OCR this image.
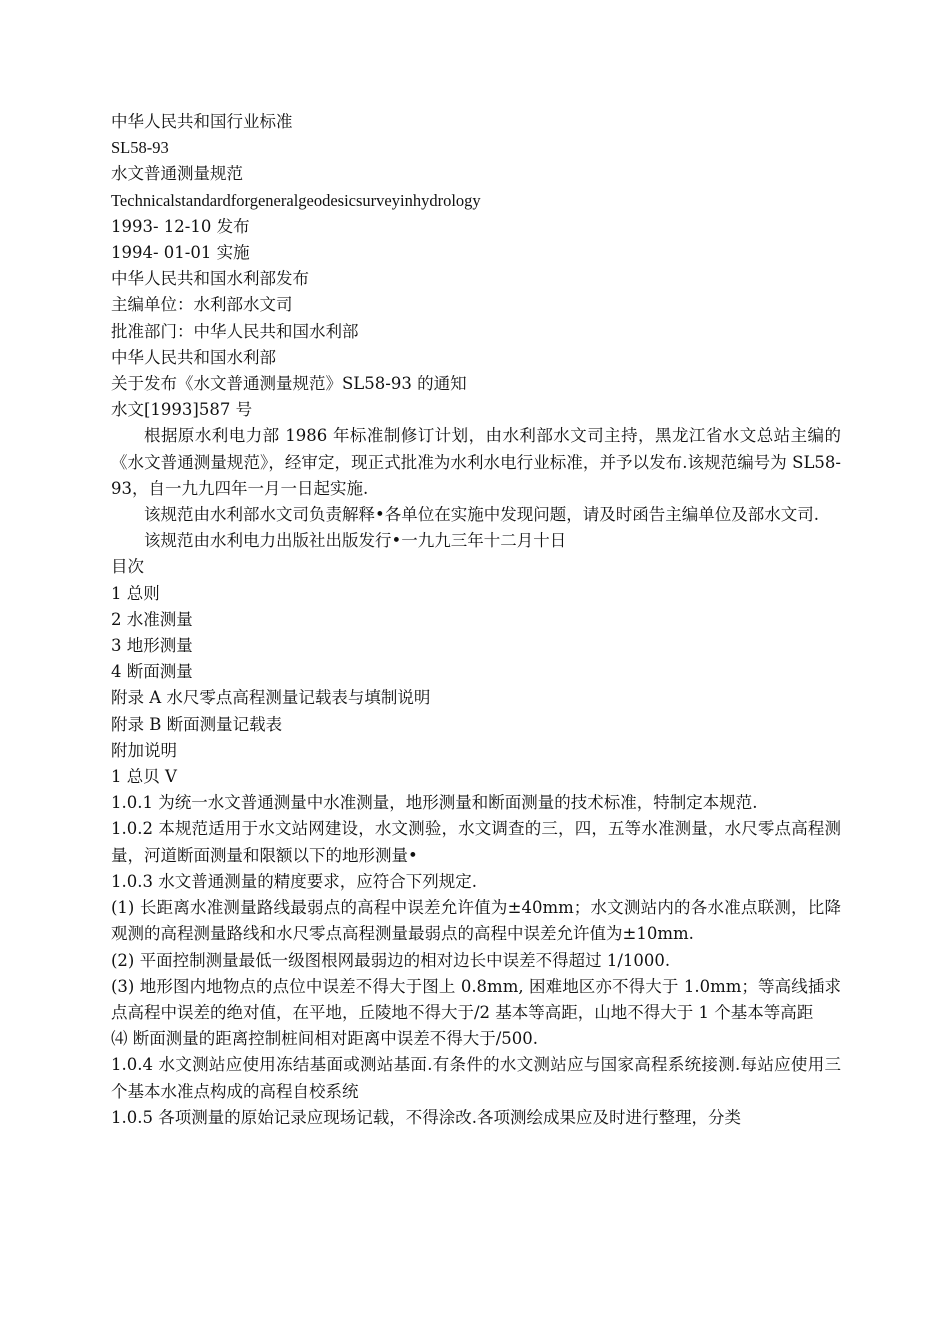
中华人民共和国行业标准

SL58-93

水文普通测量规范

Technicalstandardforgeneralgeodesicsurveyinhydrology

1993- 12-10 发布

1994- 01-01 实施

中华人民共和国水利部发布

主编单位：水利部水文司

批准部门：中华人民共和国水利部

中华人民共和国水利部

关于发布《水文普通测量规范》SL58-93 的通知

水文[1993]587 号

根据原水利电力部 1986 年标准制修订计划，由水利部水文司主持，黑龙江省水文总站主编的《水文普通测量规范》，经审定，现正式批准为水利水电行业标准，并予以发布.该规范编号为 SL58-93，自一九九四年一月一日起实施.

该规范由水利部水文司负责解释•各单位在实施中发现问题，请及时函告主编单位及部水文司.

该规范由水利电力出版社出版发行•一九九三年十二月十日

目次

1 总则

2 水准测量

3 地形测量

4 断面测量

附录 A 水尺零点高程测量记载表与填制说明

附录 B 断面测量记载表

附加说明

1 总贝 V

1.0.1 为统一水文普通测量中水准测量，地形测量和断面测量的技术标准，特制定本规范.

1.0.2 本规范适用于水文站网建设，水文测验，水文调查的三，四，五等水准测量，水尺零点高程测量，河道断面测量和限额以下的地形测量•

1.0.3 水文普通测量的精度要求，应符合下列规定.

(1) 长距离水准测量路线最弱点的高程中误差允许值为±40mm；水文测站内的各水准点联测，比降观测的高程测量路线和水尺零点高程测量最弱点的高程中误差允许值为±10mm.

(2) 平面控制测量最低一级图根网最弱边的相对边长中误差不得超过 1/1000.

(3) 地形图内地物点的点位中误差不得大于图上 0.8mm, 困难地区亦不得大于 1.0mm；等高线插求点高程中误差的绝对值，在平地，丘陵地不得大于/2 基本等高距，山地不得大于 1 个基本等高距

⑷ 断面测量的距离控制桩间相对距离中误差不得大于/500.

1.0.4 水文测站应使用冻结基面或测站基面.有条件的水文测站应与国家高程系统接测.每站应使用三个基本水准点构成的高程自校系统

1.0.5 各项测量的原始记录应现场记载，不得涂改.各项测绘成果应及时进行整理，分类
